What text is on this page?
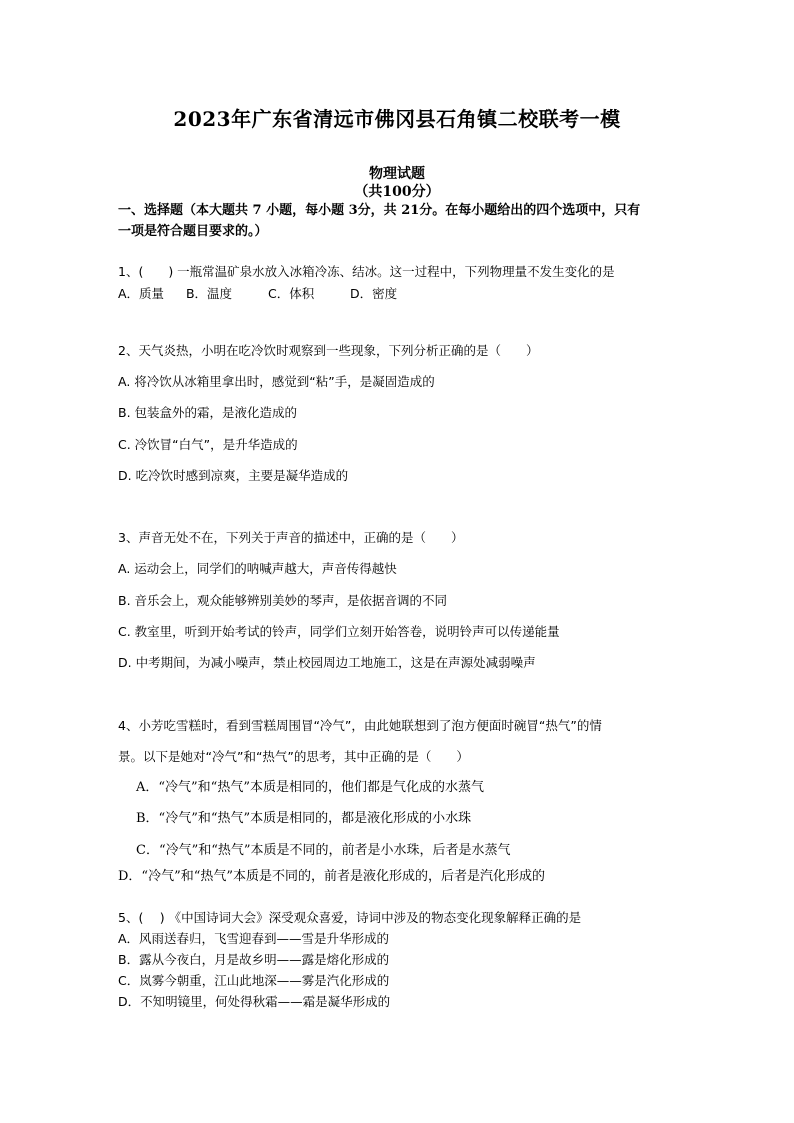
2023年广东省清远市佛冈县石角镇二校联考一模
物理试题
（共100分）
一、选择题（本大题共 7 小题，每小题 3分，共 21分。在每小题给出的四个选项中，只有
一项是符合题目要求的。）
1、(　　) 一瓶常温矿泉水放入冰箱冷冻、结冰。这一过程中，下列物理量不发生变化的是
A．质量 B．温度	C．体积	D．密度
2、天气炎热，小明在吃冷饮时观察到一些现象，下列分析正确的是（　　）
A. 将冷饮从冰箱里拿出时，感觉到“粘”手，是凝固造成的
B. 包装盒外的霜，是液化造成的
C. 冷饮冒“白气”，是升华造成的
D. 吃冷饮时感到凉爽，主要是凝华造成的
3、声音无处不在，下列关于声音的描述中，正确的是（　　）
A. 运动会上，同学们的呐喊声越大，声音传得越快
B. 音乐会上，观众能够辨别美妙的琴声，是依据音调的不同
C. 教室里，听到开始考试的铃声，同学们立刻开始答卷，说明铃声可以传递能量
D. 中考期间，为减小噪声，禁止校园周边工地施工，这是在声源处减弱噪声
4、小芳吃雪糕时，看到雪糕周围冒“冷气”，由此她联想到了泡方便面时碗冒“热气”的情
景。以下是她对“冷气”和“热气”的思考，其中正确的是（　　）
A．“冷气”和“热气”本质是相同的，他们都是气化成的水蒸气
B．“冷气”和“热气”本质是相同的，都是液化形成的小水珠
C．“冷气”和“热气”本质是不同的，前者是小水珠，后者是水蒸气
D．“冷气”和“热气”本质是不同的，前者是液化形成的，后者是汽化形成的
5、(　 ) 《中国诗词大会》深受观众喜爱，诗词中涉及的物态变化现象解释正确的是
A．风雨送春归，飞雪迎春到——雪是升华形成的
B．露从今夜白，月是故乡明——露是熔化形成的
C．岚雾今朝重，江山此地深——雾是汽化形成的
D．不知明镜里，何处得秋霜——霜是凝华形成的
